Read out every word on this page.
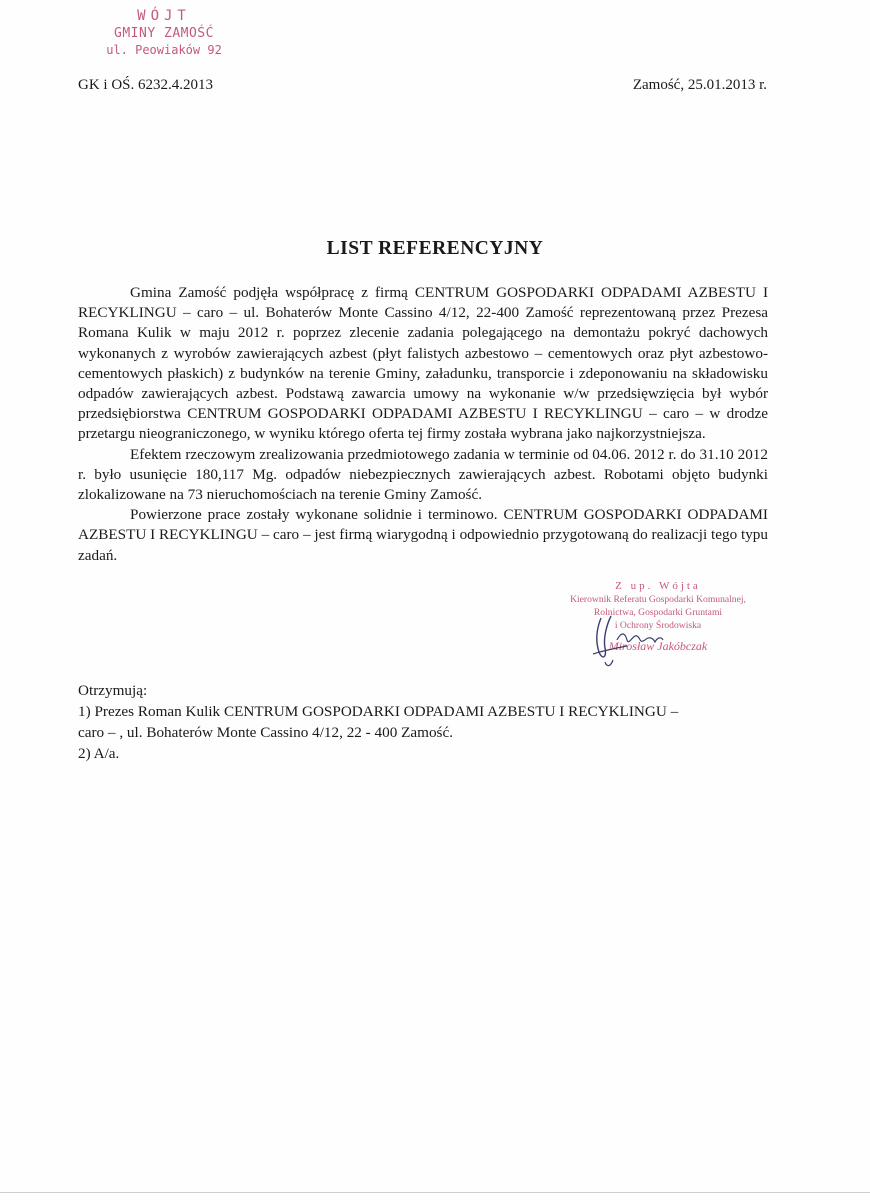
WÓJT
GMINY ZAMOŚĆ
ul. Peowiaków 92
GK i OŚ. 6232.4.2013	Zamość, 25.01.2013 r.
LIST REFERENCYJNY

Gmina Zamość podjęła współpracę z firmą CENTRUM GOSPODARKI ODPADAMI AZBESTU I RECYKLINGU – caro – ul. Bohaterów Monte Cassino 4/12, 22-400 Zamość reprezentowaną przez Prezesa Romana Kulik w maju 2012 r. poprzez zlecenie zadania polegającego na demontażu pokryć dachowych wykonanych z wyrobów zawierających azbest (płyt falistych azbestowo – cementowych oraz płyt azbestowo- cementowych płaskich) z budynków na terenie Gminy, załadunku, transporcie i zdeponowaniu na składowisku odpadów zawierających azbest. Podstawą zawarcia umowy na wykonanie w/w przedsięwzięcia był wybór przedsiębiorstwa CENTRUM GOSPODARKI ODPADAMI AZBESTU I RECYKLINGU – caro – w drodze przetargu nieograniczonego, w wyniku którego oferta tej firmy została wybrana jako najkorzystniejsza.

Efektem rzeczowym zrealizowania przedmiotowego zadania w terminie od 04.06. 2012 r. do 31.10 2012 r. było usunięcie 180,117 Mg. odpadów niebezpiecznych zawierających azbest. Robotami objęto budynki zlokalizowane na 73 nieruchomościach na terenie Gminy Zamość.

Powierzone prace zostały wykonane solidnie i terminowo. CENTRUM GOSPODARKI ODPADAMI AZBESTU I RECYKLINGU – caro – jest firmą wiarygodną i odpowiednio przygotowaną do realizacji tego typu zadań.

Z up. Wójta
Kierownik Referatu Gospodarki Komunalnej,
Rolnictwa, Gospodarki Gruntami
i Ochrony Środowiska
Mirosław Jakóbczak
Otrzymują:
1) Prezes Roman Kulik CENTRUM GOSPODARKI ODPADAMI AZBESTU I RECYKLINGU –
caro – , ul. Bohaterów Monte Cassino 4/12, 22 - 400 Zamość.
2) A/a.
